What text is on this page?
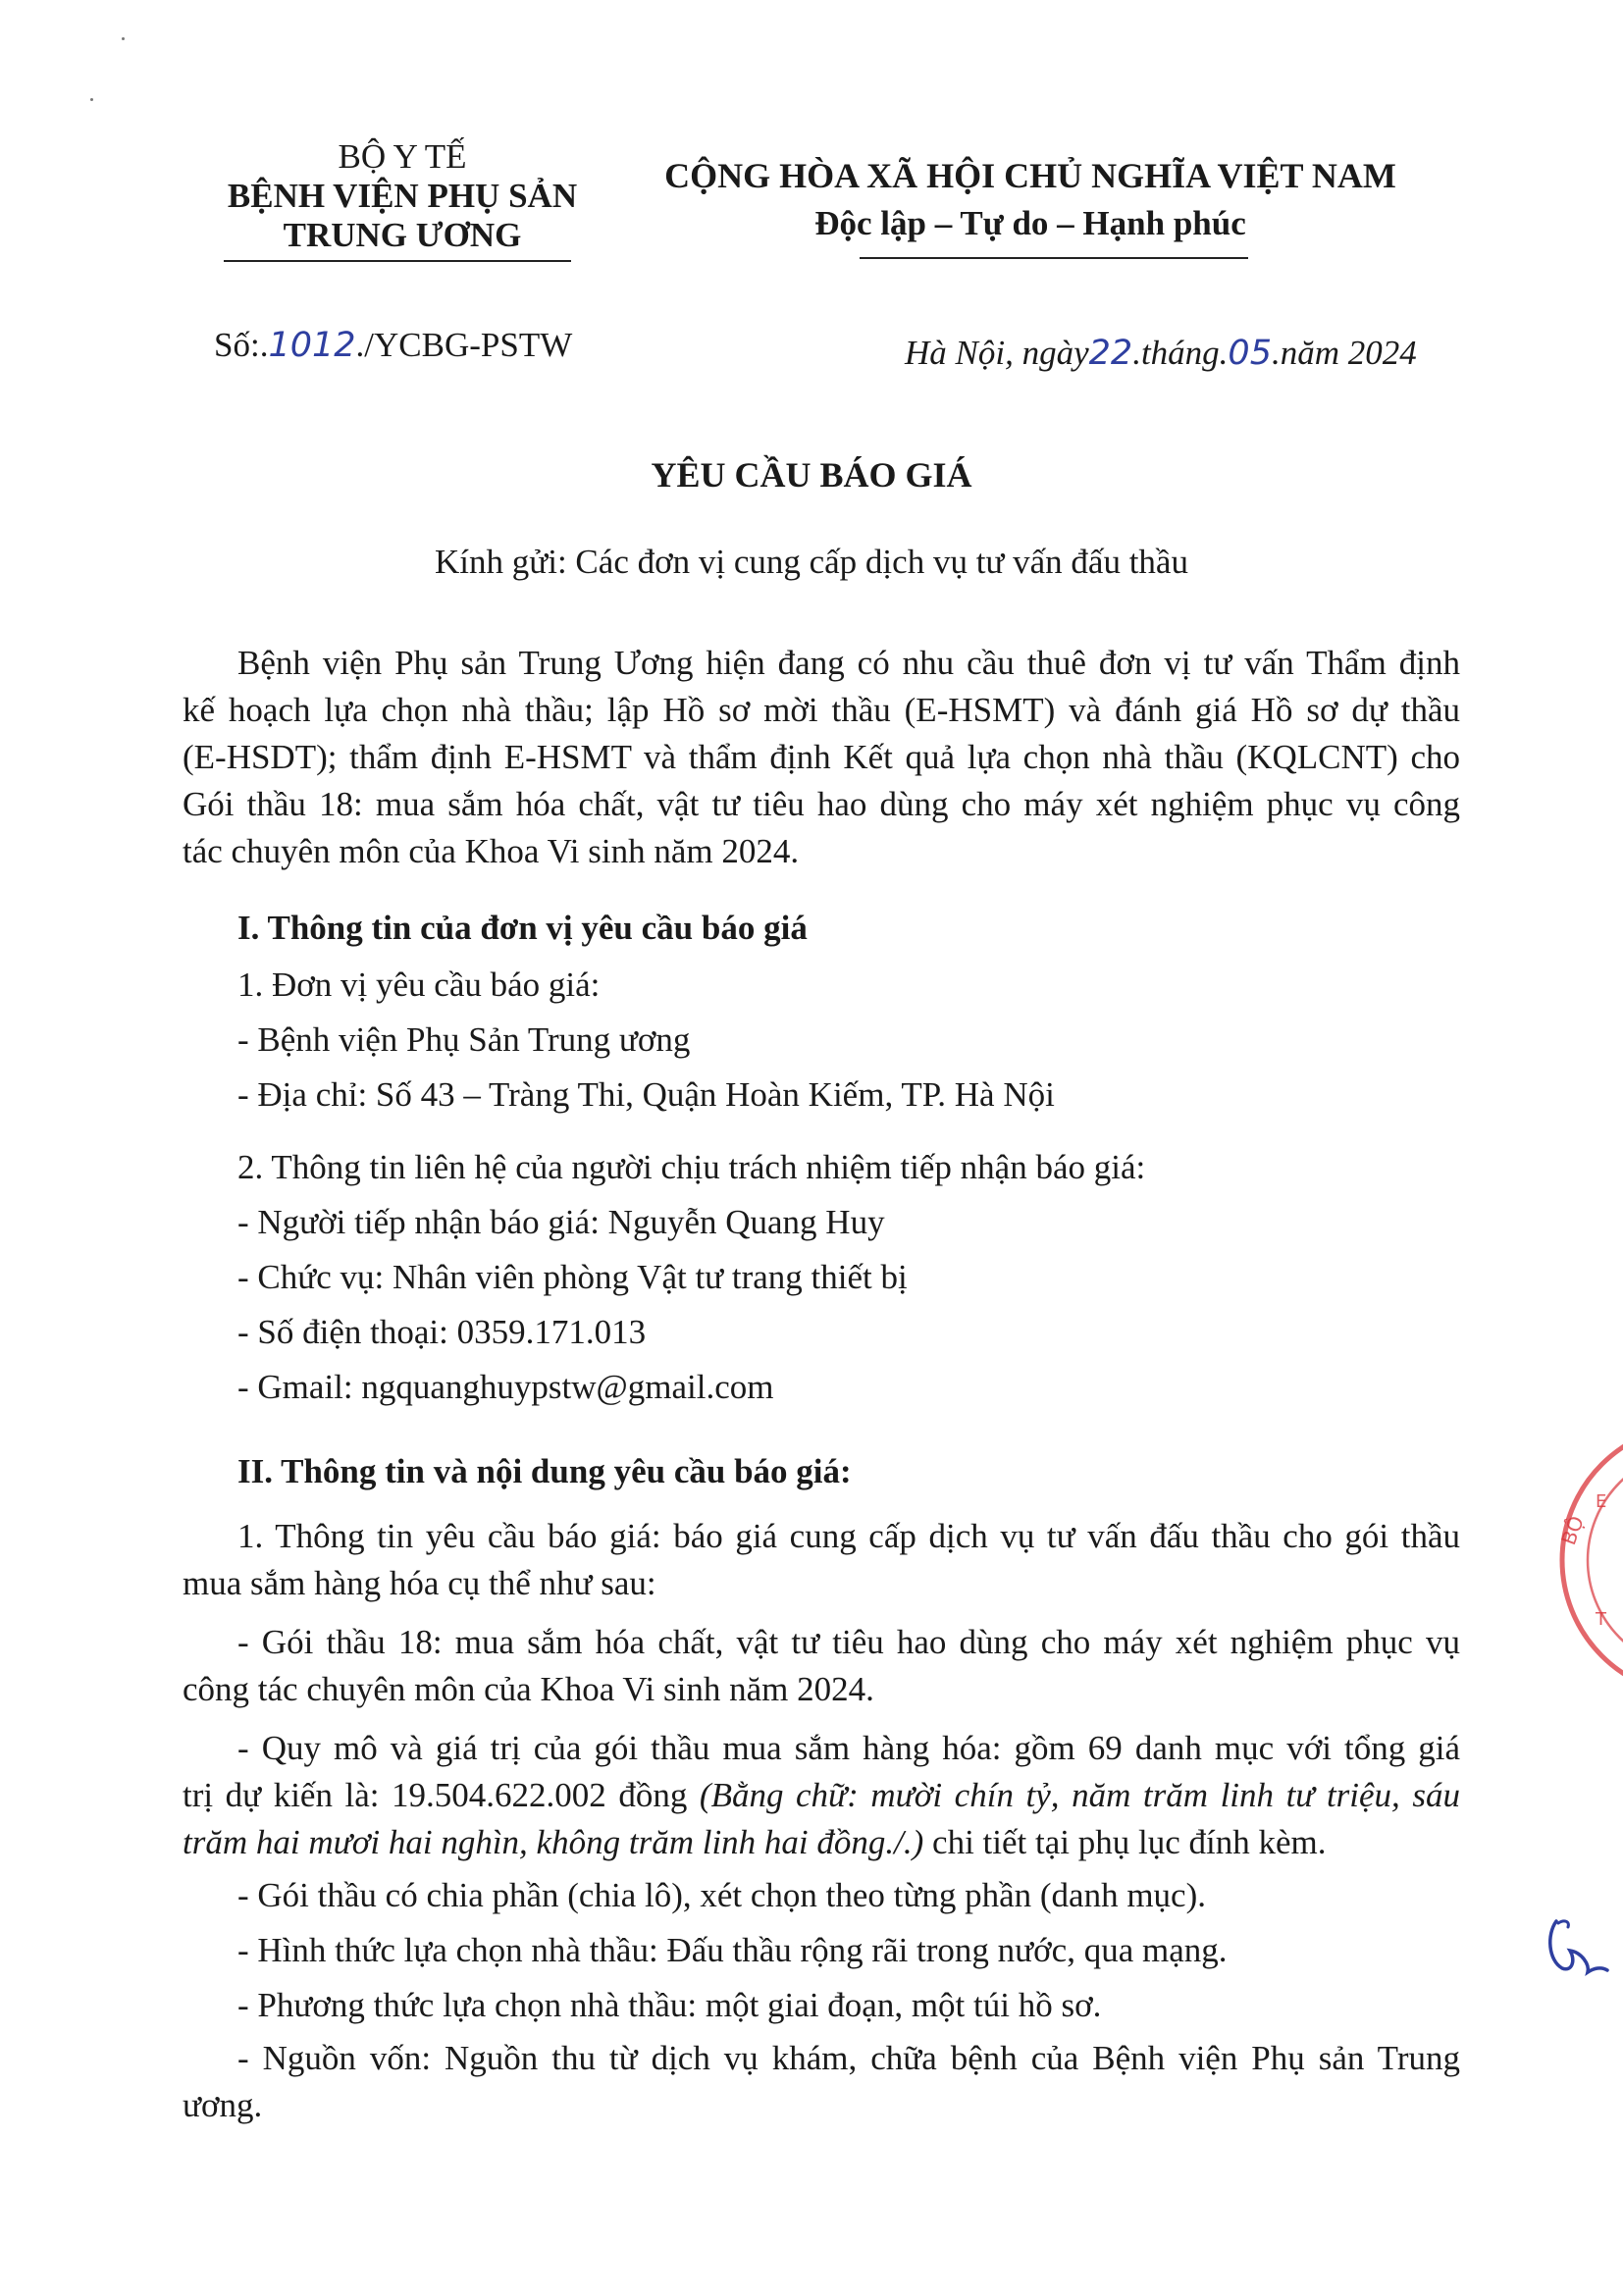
BỘ Y TẾ
BỆNH VIỆN PHỤ SẢN
TRUNG ƯƠNG
CỘNG HÒA XÃ HỘI CHỦ NGHĨA VIỆT NAM
Độc lập – Tự do – Hạnh phúc
Số:.1012./YCBG-PSTW	Hà Nội, ngày22.tháng.05.năm 2024
YÊU CẦU BÁO GIÁ
Kính gửi: Các đơn vị cung cấp dịch vụ tư vấn đấu thầu
Bệnh viện Phụ sản Trung Ương hiện đang có nhu cầu thuê đơn vị tư vấn Thẩm định
kế hoạch lựa chọn nhà thầu; lập Hồ sơ mời thầu (E-HSMT) và đánh giá Hồ sơ dự thầu
(E-HSDT); thẩm định E-HSMT và thẩm định Kết quả lựa chọn nhà thầu (KQLCNT) cho
Gói thầu 18: mua sắm hóa chất, vật tư tiêu hao dùng cho máy xét nghiệm phục vụ công
tác chuyên môn của Khoa Vi sinh năm 2024.
I. Thông tin của đơn vị yêu cầu báo giá
1. Đơn vị yêu cầu báo giá:
- Bệnh viện Phụ Sản Trung ương
- Địa chỉ: Số 43 – Tràng Thi, Quận Hoàn Kiếm, TP. Hà Nội
2. Thông tin liên hệ của người chịu trách nhiệm tiếp nhận báo giá:
- Người tiếp nhận báo giá: Nguyễn Quang Huy
- Chức vụ: Nhân viên phòng Vật tư trang thiết bị
- Số điện thoại: 0359.171.013
- Gmail: ngquanghuypstw@gmail.com
II. Thông tin và nội dung yêu cầu báo giá:
1. Thông tin yêu cầu báo giá: báo giá cung cấp dịch vụ tư vấn đấu thầu cho gói thầu
mua sắm hàng hóa cụ thể như sau:
- Gói thầu 18: mua sắm hóa chất, vật tư tiêu hao dùng cho máy xét nghiệm phục vụ
công tác chuyên môn của Khoa Vi sinh năm 2024.
- Quy mô và giá trị của gói thầu mua sắm hàng hóa: gồm 69 danh mục với tổng giá
trị dự kiến là: 19.504.622.002 đồng (Bằng chữ: mười chín tỷ, năm trăm linh tư triệu, sáu
trăm hai mươi hai nghìn, không trăm linh hai đồng./.) chi tiết tại phụ lục đính kèm.
- Gói thầu có chia phần (chia lô), xét chọn theo từng phần (danh mục).
- Hình thức lựa chọn nhà thầu: Đấu thầu rộng rãi trong nước, qua mạng.
- Phương thức lựa chọn nhà thầu: một giai đoạn, một túi hồ sơ.
- Nguồn vốn: Nguồn thu từ dịch vụ khám, chữa bệnh của Bệnh viện Phụ sản Trung
ương.
BỘ
E
T
